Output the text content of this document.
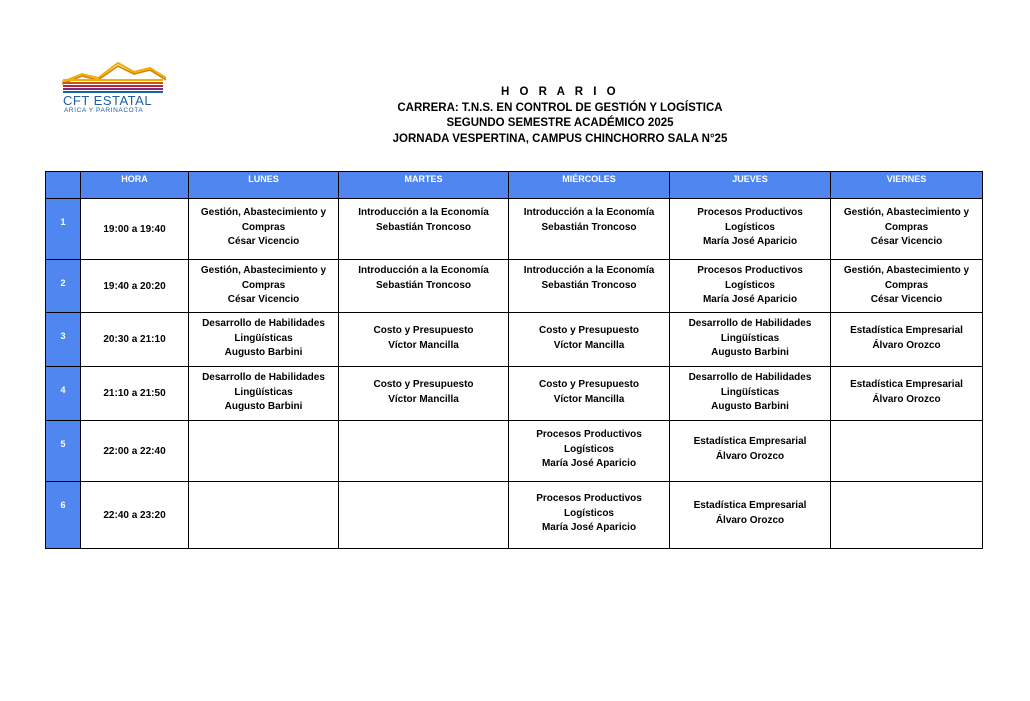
CFT ESTATAL
ARICA Y PARINACOTA
H O R A R I O
CARRERA: T.N.S. EN CONTROL DE GESTIÓN Y LOGÍSTICA
SEGUNDO SEMESTRE ACADÉMICO 2025
JORNADA VESPERTINA, CAMPUS CHINCHORRO SALA N°25
	HORA	LUNES	MARTES	MIÉRCOLES	JUEVES	VIERNES
1	19:00 a 19:40	Gestión, Abastecimiento y Compras
César Vicencio	Introducción a la Economía
Sebastián Troncoso	Introducción a la Economía
Sebastián Troncoso	Procesos Productivos Logísticos
María José Aparicio	Gestión, Abastecimiento y Compras
César Vicencio

2	19:40 a 20:20	Gestión, Abastecimiento y Compras
César Vicencio	Introducción a la Economía
Sebastián Troncoso	Introducción a la Economía
Sebastián Troncoso	Procesos Productivos Logísticos
María José Aparicio	Gestión, Abastecimiento y Compras
César Vicencio

3	20:30 a 21:10	Desarrollo de Habilidades Lingüísticas
Augusto Barbini	Costo y Presupuesto
Víctor Mancilla	Costo y Presupuesto
Víctor Mancilla	Desarrollo de Habilidades Lingüísticas
Augusto Barbini	Estadística Empresarial
Álvaro Orozco

4	21:10 a 21:50	Desarrollo de Habilidades Lingüísticas
Augusto Barbini	Costo y Presupuesto
Víctor Mancilla	Costo y Presupuesto
Víctor Mancilla	Desarrollo de Habilidades Lingüísticas
Augusto Barbini	Estadística Empresarial
Álvaro Orozco

5	22:00 a 22:40			Procesos Productivos Logísticos
María José Aparicio	Estadística Empresarial
Álvaro Orozco	

6	22:40 a 23:20			Procesos Productivos Logísticos
María José Aparicio	Estadística Empresarial
Álvaro Orozco	
